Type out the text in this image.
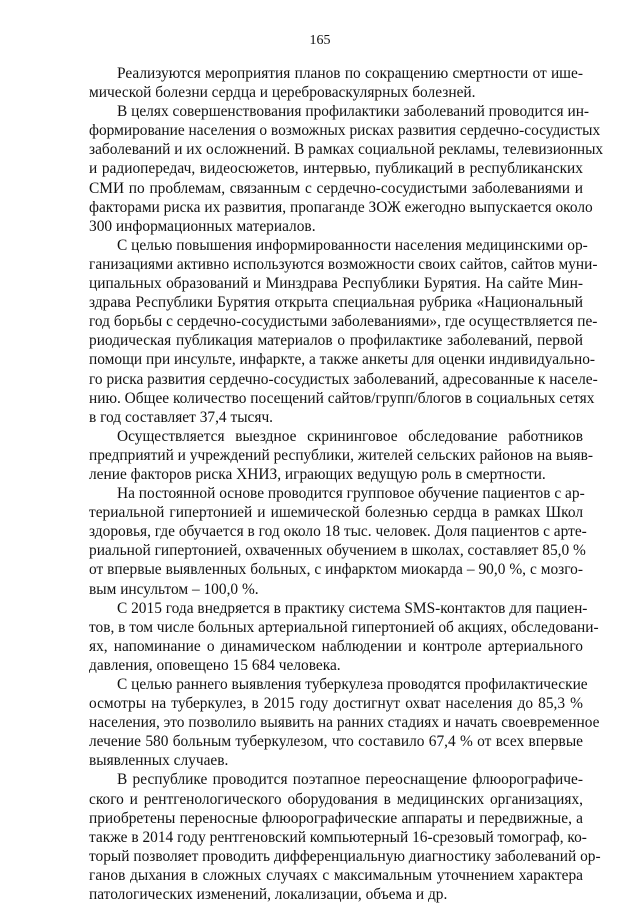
165

Реализуются мероприятия планов по сокращению смертности от ише-
мической болезни сердца и цереброваскулярных болезней.

В целях совершенствования профилактики заболеваний проводится ин-
формирование населения о возможных рисках развития сердечно-сосудистых
заболеваний и их осложнений. В рамках социальной рекламы, телевизионных
и радиопередач, видеосюжетов, интервью, публикаций в республиканских
СМИ по проблемам, связанным с сердечно-сосудистыми заболеваниями и
факторами риска их развития, пропаганде ЗОЖ ежегодно выпускается около
300 информационных материалов.

С целью повышения информированности населения медицинскими ор-
ганизациями активно используются возможности своих сайтов, сайтов муни-
ципальных образований и Минздрава Республики Бурятия. На сайте Мин-
здрава Республики Бурятия открыта специальная рубрика «Национальный
год борьбы с сердечно-сосудистыми заболеваниями», где осуществляется пе-
риодическая публикация материалов о профилактике заболеваний, первой
помощи при инсульте, инфаркте, а также анкеты для оценки индивидуально-
го риска развития сердечно-сосудистых заболеваний, адресованные к населе-
нию. Общее количество посещений сайтов/групп/блогов в социальных сетях
в год составляет 37,4 тысяч.

Осуществляется выездное скрининговое обследование работников
предприятий и учреждений республики, жителей сельских районов на выяв-
ление факторов риска ХНИЗ, играющих ведущую роль в смертности.

На постоянной основе проводится групповое обучение пациентов с ар-
териальной гипертонией и ишемической болезнью сердца в рамках Школ
здоровья, где обучается в год около 18 тыс. человек. Доля пациентов с арте-
риальной гипертонией, охваченных обучением в школах, составляет 85,0 %
от впервые выявленных больных, с инфарктом миокарда – 90,0 %, с мозго-
вым инсультом – 100,0 %.

С 2015 года внедряется в практику система SMS-контактов для пациен-
тов, в том числе больных артериальной гипертонией об акциях, обследовани-
ях, напоминание о динамическом наблюдении и контроле артериального
давления, оповещено 15 684 человека.

С целью раннего выявления туберкулеза проводятся профилактические
осмотры на туберкулез, в 2015 году достигнут охват населения до 85,3 %
населения, это позволило выявить на ранних стадиях и начать своевременное
лечение 580 больным туберкулезом, что составило 67,4 % от всех впервые
выявленных случаев.

В республике проводится поэтапное переоснащение флюорографиче-
ского и рентгенологического оборудования в медицинских организациях,
приобретены переносные флюорографические аппараты и передвижные, а
также в 2014 году рентгеновский компьютерный 16-срезовый томограф, ко-
торый позволяет проводить дифференциальную диагностику заболеваний ор-
ганов дыхания в сложных случаях с максимальным уточнением характера
патологических изменений, локализации, объема и др.
